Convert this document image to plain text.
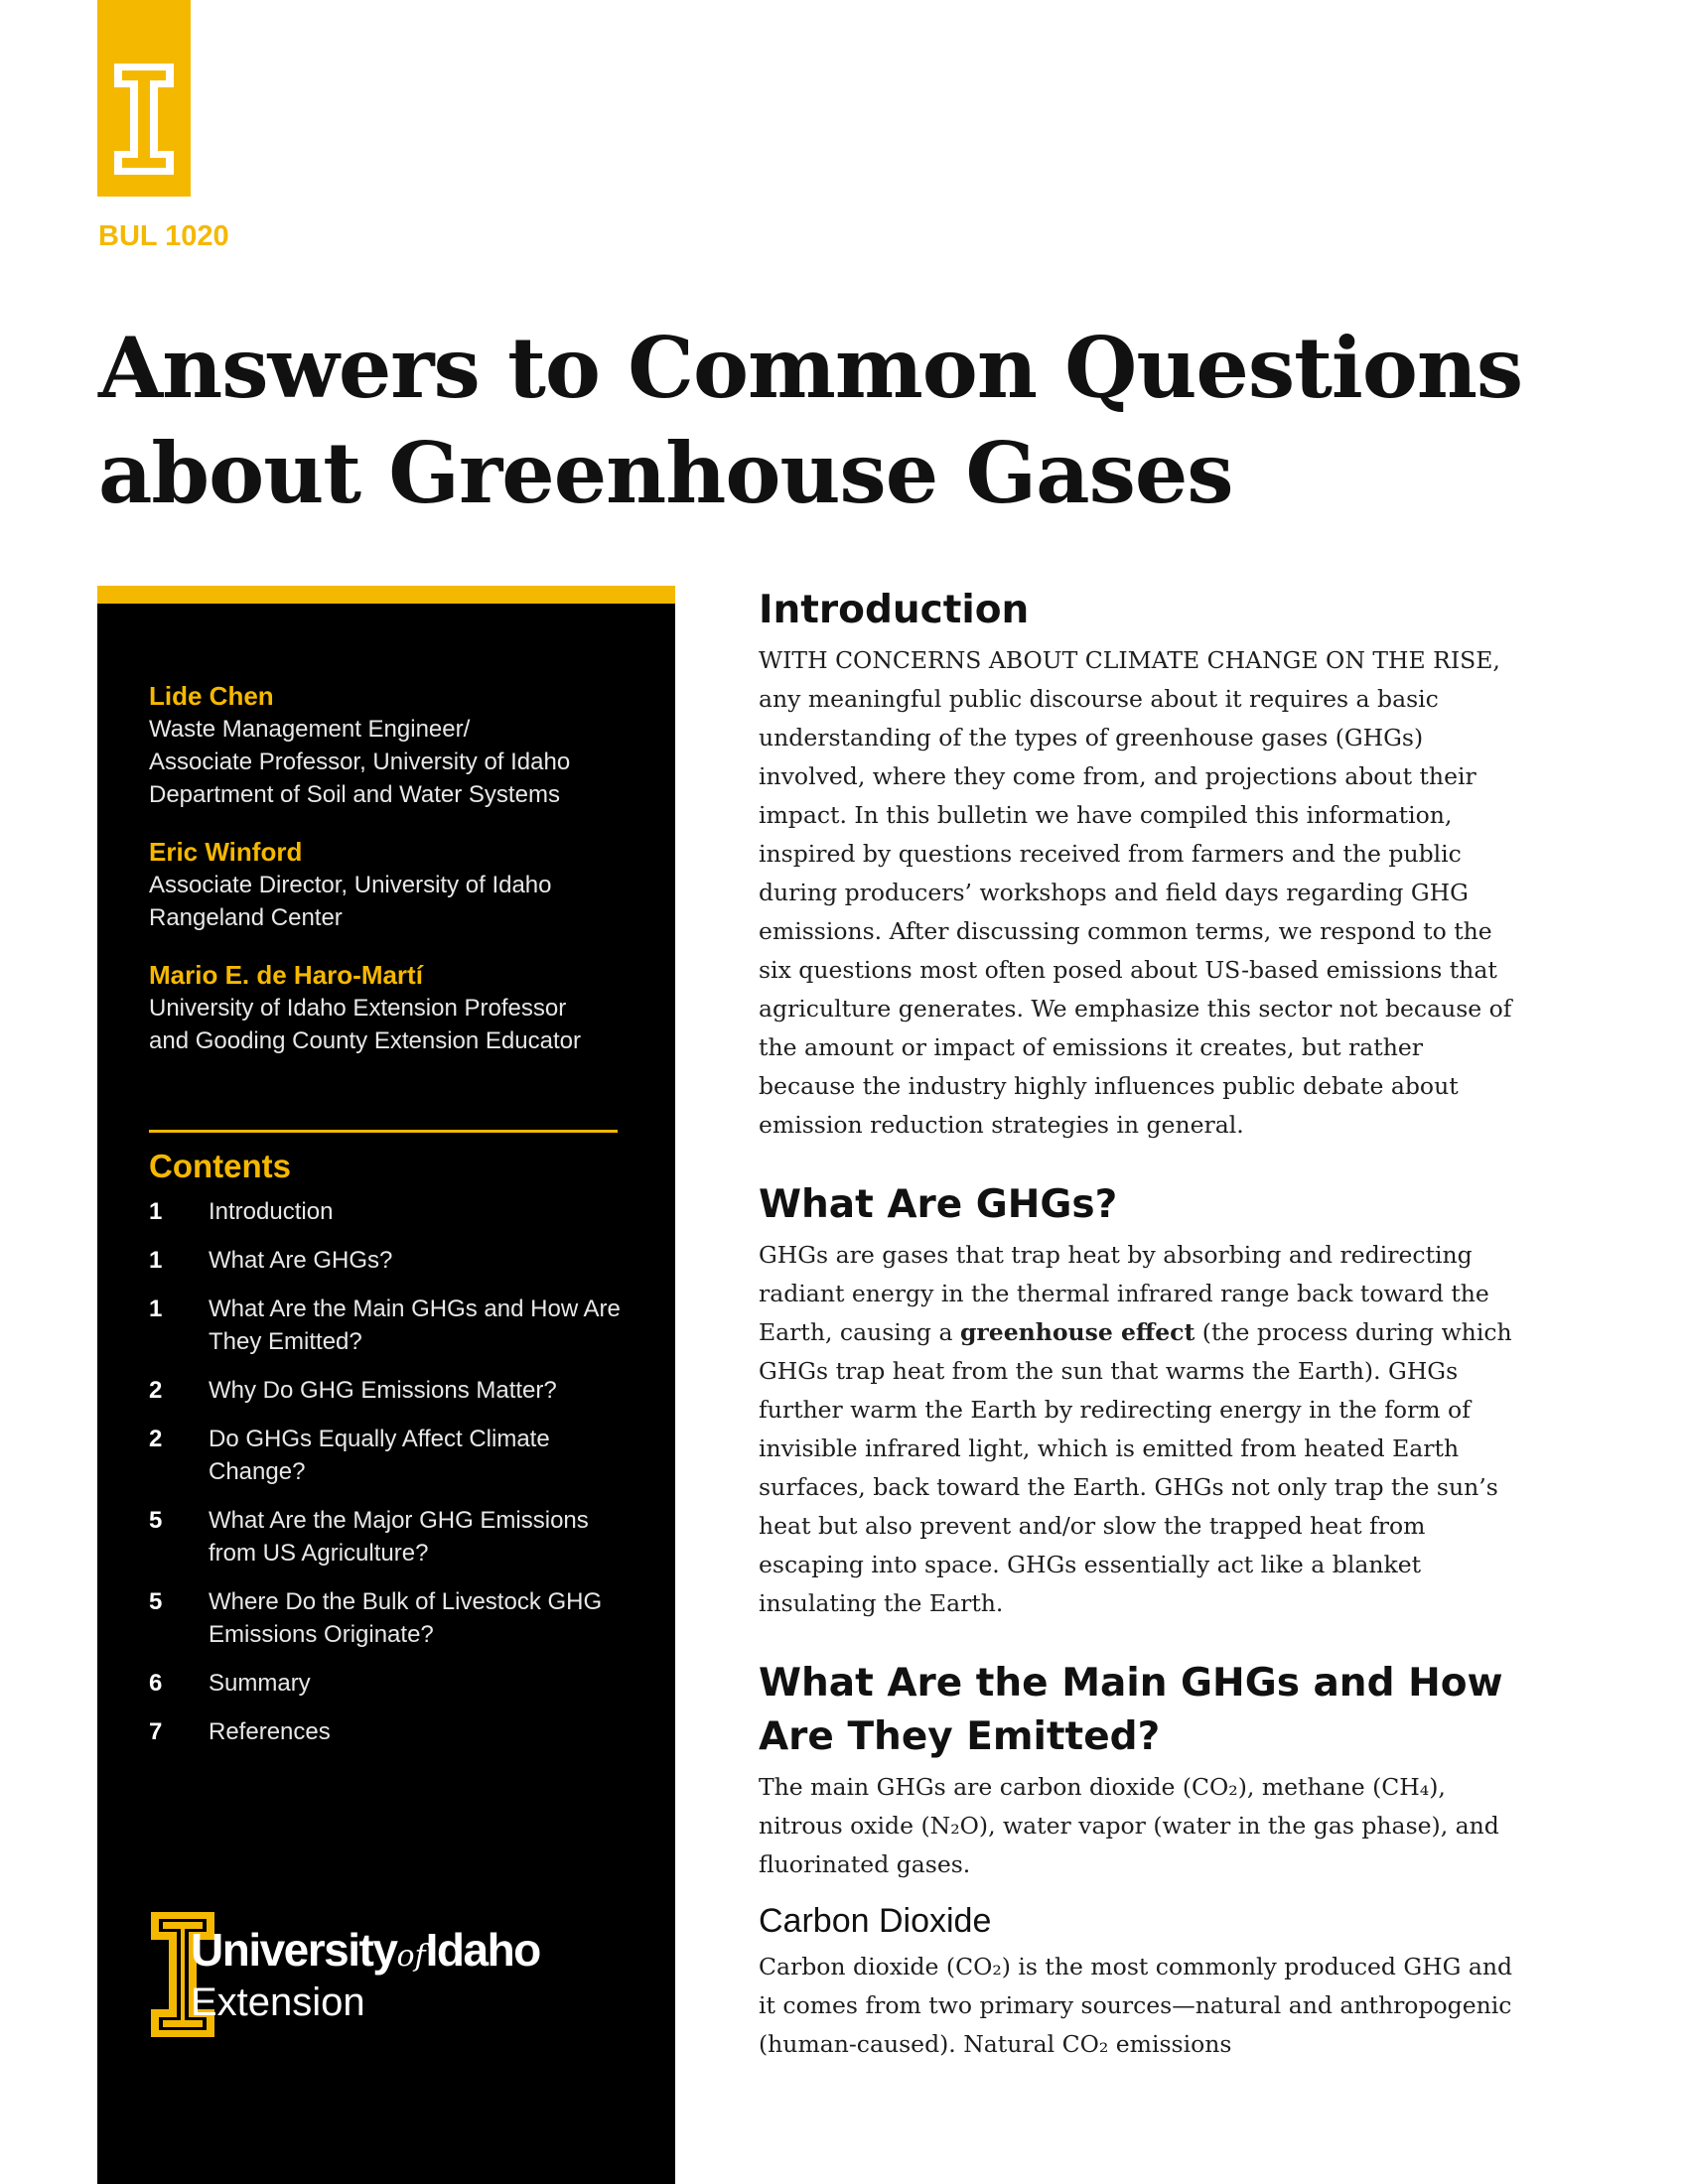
BUL 1020

Answers to Common Questions about Greenhouse Gases
Lide Chen
Waste Management Engineer/
Associate Professor, University of Idaho
Department of Soil and Water Systems
Eric Winford
Associate Director, University of Idaho
Rangeland Center
Mario E. de Haro-Martí
University of Idaho Extension Professor
and Gooding County Extension Educator
Contents
1	Introduction
1	What Are GHGs?
1	What Are the Main GHGs and How Are They Emitted?
2	Why Do GHG Emissions Matter?
2	Do GHGs Equally Affect Climate Change?
5	What Are the Major GHG Emissions from US Agriculture?
5	Where Do the Bulk of Livestock GHG Emissions Originate?
6	Summary
7	References
UniversityofIdaho
Extension
Introduction

WITH CONCERNS ABOUT CLIMATE CHANGE ON THE RISE, any meaningful public discourse about it requires a basic understanding of the types of greenhouse gases (GHGs) involved, where they come from, and projections about their impact. In this bulletin we have compiled this information, inspired by questions received from farmers and the public during producers’ workshops and field days regarding GHG emissions. After discussing common terms, we respond to the six questions most often posed about US-based emissions that agriculture generates. We emphasize this sector not because of the amount or impact of emissions it creates, but rather because the industry highly influences public debate about emission reduction strategies in general.

What Are GHGs?

GHGs are gases that trap heat by absorbing and redirecting radiant energy in the thermal infrared range back toward the Earth, causing a greenhouse effect (the process during which GHGs trap heat from the sun that warms the Earth). GHGs further warm the Earth by redirecting energy in the form of invisible infrared light, which is emitted from heated Earth surfaces, back toward the Earth. GHGs not only trap the sun’s heat but also prevent and/or slow the trapped heat from escaping into space. GHGs essentially act like a blanket insulating the Earth.

What Are the Main GHGs and How Are They Emitted?

The main GHGs are carbon dioxide (CO₂), methane (CH₄), nitrous oxide (N₂O), water vapor (water in the gas phase), and fluorinated gases.

Carbon Dioxide

Carbon dioxide (CO₂) is the most commonly produced GHG and it comes from two primary sources—natural and anthropogenic (human-caused). Natural CO₂ emissions
